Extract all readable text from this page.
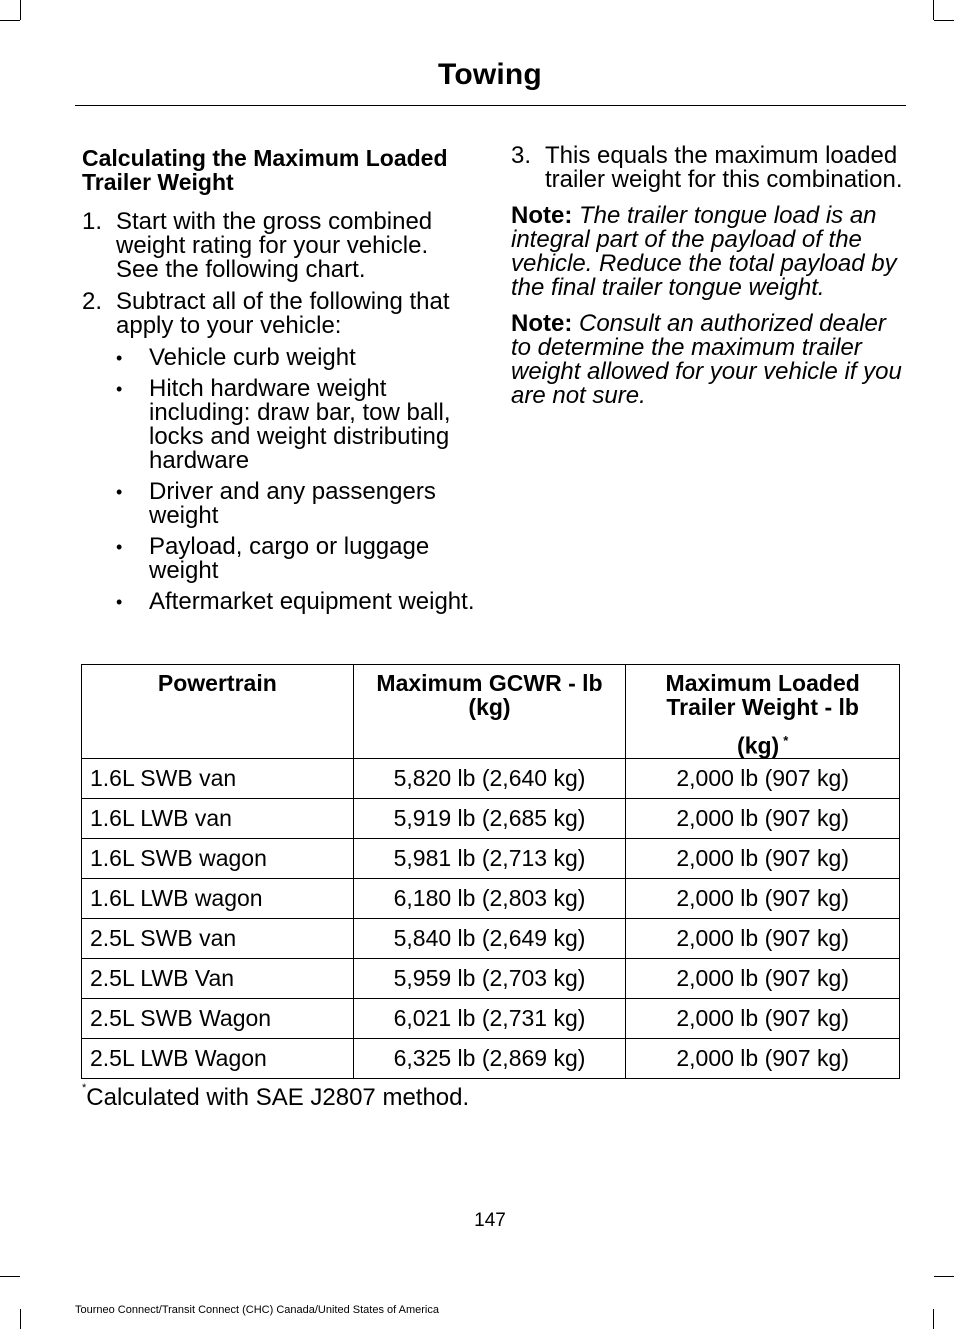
Towing
Calculating the Maximum Loaded Trailer Weight
1. Start with the gross combined weight rating for your vehicle. See the following chart.
2. Subtract all of the following that apply to your vehicle:
• Vehicle curb weight
• Hitch hardware weight including: draw bar, tow ball, locks and weight distributing hardware
• Driver and any passengers weight
• Payload, cargo or luggage weight
• Aftermarket equipment weight.
3. This equals the maximum loaded trailer weight for this combination.
Note: The trailer tongue load is an integral part of the payload of the vehicle. Reduce the total payload by the final trailer tongue weight.
Note: Consult an authorized dealer to determine the maximum trailer weight allowed for your vehicle if you are not sure.
Powertrain	Maximum GCWR - lb (kg)	Maximum Loaded Trailer Weight - lb
(kg) *

1.6L SWB van	5,820 lb (2,640 kg)	2,000 lb (907 kg)
1.6L LWB van	5,919 lb (2,685 kg)	2,000 lb (907 kg)
1.6L SWB wagon	5,981 lb (2,713 kg)	2,000 lb (907 kg)
1.6L LWB wagon	6,180 lb (2,803 kg)	2,000 lb (907 kg)
2.5L SWB van	5,840 lb (2,649 kg)	2,000 lb (907 kg)
2.5L LWB Van	5,959 lb (2,703 kg)	2,000 lb (907 kg)
2.5L SWB Wagon	6,021 lb (2,731 kg)	2,000 lb (907 kg)
2.5L LWB Wagon	6,325 lb (2,869 kg)	2,000 lb (907 kg)
*Calculated with SAE J2807 method.
147
Tourneo Connect/Transit Connect (CHC) Canada/United States of America
